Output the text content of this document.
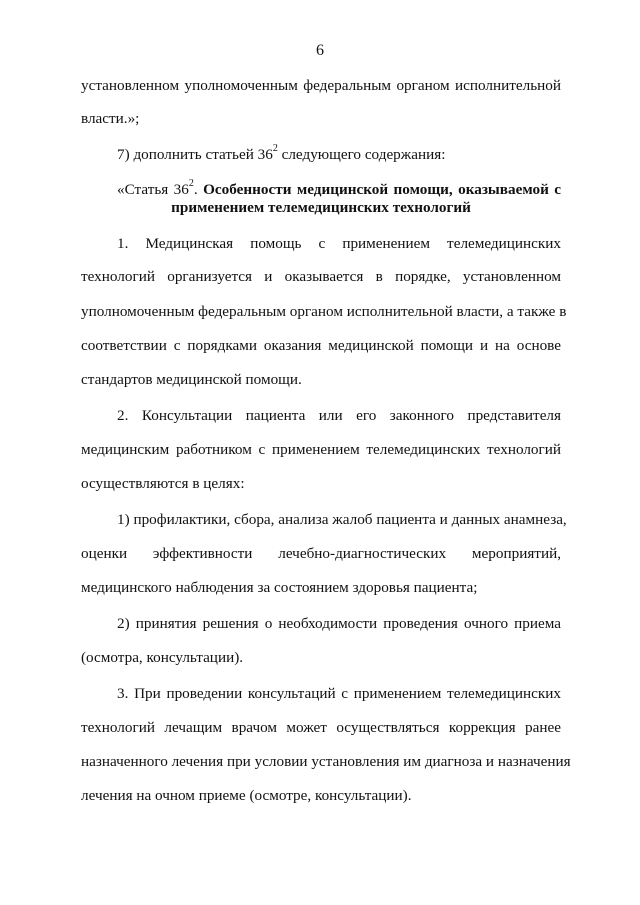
6
установленном уполномоченным федеральным органом исполнительной
власти.»;
7) дополнить статьей $36^2$ следующего содержания:
«Статья $36^2$. Особенности медицинской помощи, оказываемой с
применением телемедицинских технологий
1. Медицинская помощь с применением телемедицинских
технологий организуется и оказывается в порядке, установленном
уполномоченным федеральным органом исполнительной власти, а также в
соответствии с порядками оказания медицинской помощи и на основе
стандартов медицинской помощи.
2. Консультации пациента или его законного представителя
медицинским работником с применением телемедицинских технологий
осуществляются в целях:
1) профилактики, сбора, анализа жалоб пациента и данных анамнеза,
оценки эффективности лечебно-диагностических мероприятий,
медицинского наблюдения за состоянием здоровья пациента;
2) принятия решения о необходимости проведения очного приема
(осмотра, консультации).
3. При проведении консультаций с применением телемедицинских
технологий лечащим врачом может осуществляться коррекция ранее
назначенного лечения при условии установления им диагноза и назначения
лечения на очном приеме (осмотре, консультации).
